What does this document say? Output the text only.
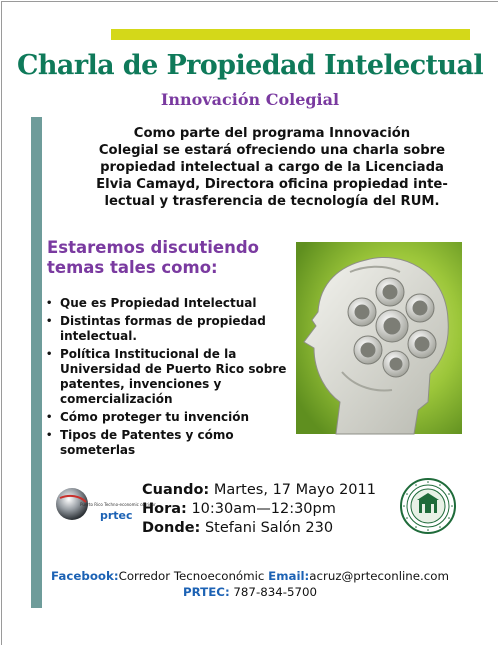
Charla de Propiedad Intelectual
Innovación Colegial

Como parte del programa Innovación
Colegial se estará ofreciendo una charla sobre
propiedad intelectual a cargo de la Licenciada
Elvia Camayd, Directora oficina propiedad inte-
lectual y trasferencia de tecnología del RUM.

Estaremos discutiendo
temas tales como:

• Que es Propiedad Intelectual
• Distintas formas de propiedad intelectual.
• Política Institucional de la Universidad de Puerto Rico sobre patentes, invenciones y comercialización
• Cómo proteger tu invención
• Tipos de Patentes y cómo someterlas
Puerto Rico Techno-economic corridor
prtec
Cuando: Martes, 17 Mayo 2011
Hora: 10:30am—12:30pm
Donde: Stefani Salón 230
Facebook:Corredor Tecnoeconómic Email:acruz@prteconline.com
PRTEC: 787-834-5700
